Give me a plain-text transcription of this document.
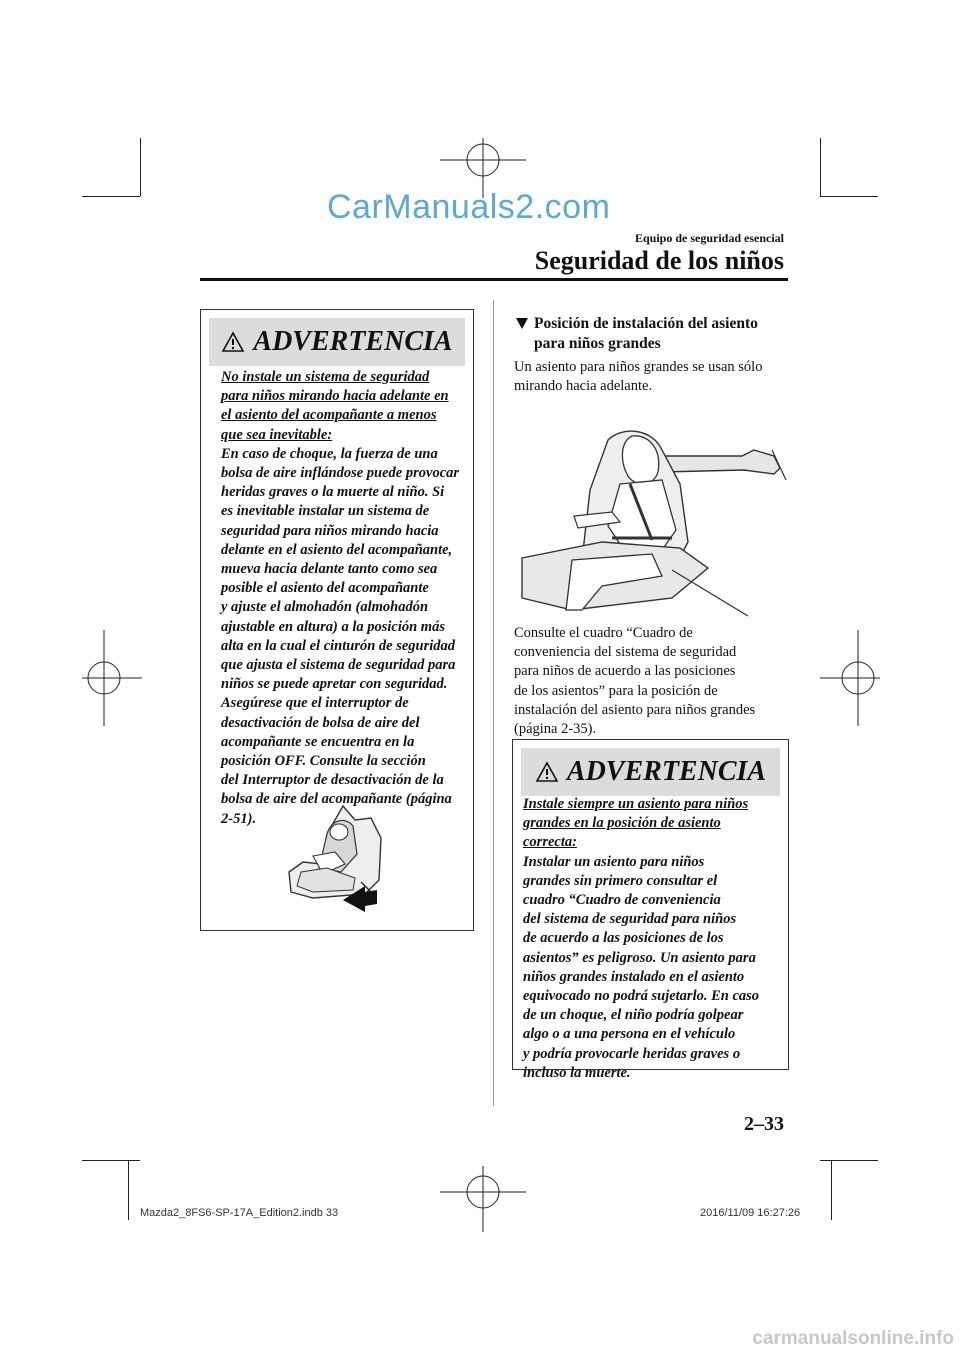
CarManuals2.com
Equipo de seguridad esencial
Seguridad de los niños
ADVERTENCIA
No instale un sistema de seguridad
para niños mirando hacia adelante en
el asiento del acompañante a menos
que sea inevitable:
En caso de choque, la fuerza de una
bolsa de aire inflándose puede provocar
heridas graves o la muerte al niño. Si
es inevitable instalar un sistema de
seguridad para niños mirando hacia
delante en el asiento del acompañante,
mueva hacia delante tanto como sea
posible el asiento del acompañante
y ajuste el almohadón (almohadón
ajustable en altura) a la posición más
alta en la cual el cinturón de seguridad
que ajusta el sistema de seguridad para
niños se puede apretar con seguridad.
Asegúrese que el interruptor de
desactivación de bolsa de aire del
acompañante se encuentra en la
posición OFF. Consulte la sección
del Interruptor de desactivación de la
bolsa de aire del acompañante (página
2-51).
Posición de instalación del asiento
para niños grandes
Un asiento para niños grandes se usan sólo
mirando hacia adelante.
Consulte el cuadro “Cuadro de
conveniencia del sistema de seguridad
para niños de acuerdo a las posiciones
de los asientos” para la posición de
instalación del asiento para niños grandes
(página 2-35).
ADVERTENCIA
Instale siempre un asiento para niños
grandes en la posición de asiento
correcta:
Instalar un asiento para niños
grandes sin primero consultar el
cuadro “Cuadro de conveniencia
del sistema de seguridad para niños
de acuerdo a las posiciones de los
asientos” es peligroso. Un asiento para
niños grandes instalado en el asiento
equivocado no podrá sujetarlo. En caso
de un choque, el niño podría golpear
algo o a una persona en el vehículo
y podría provocarle heridas graves o
incluso la muerte.
2–33
Mazda2_8FS6-SP-17A_Edition2.indb 33	2016/11/09 16:27:26
carmanualsonline.info
